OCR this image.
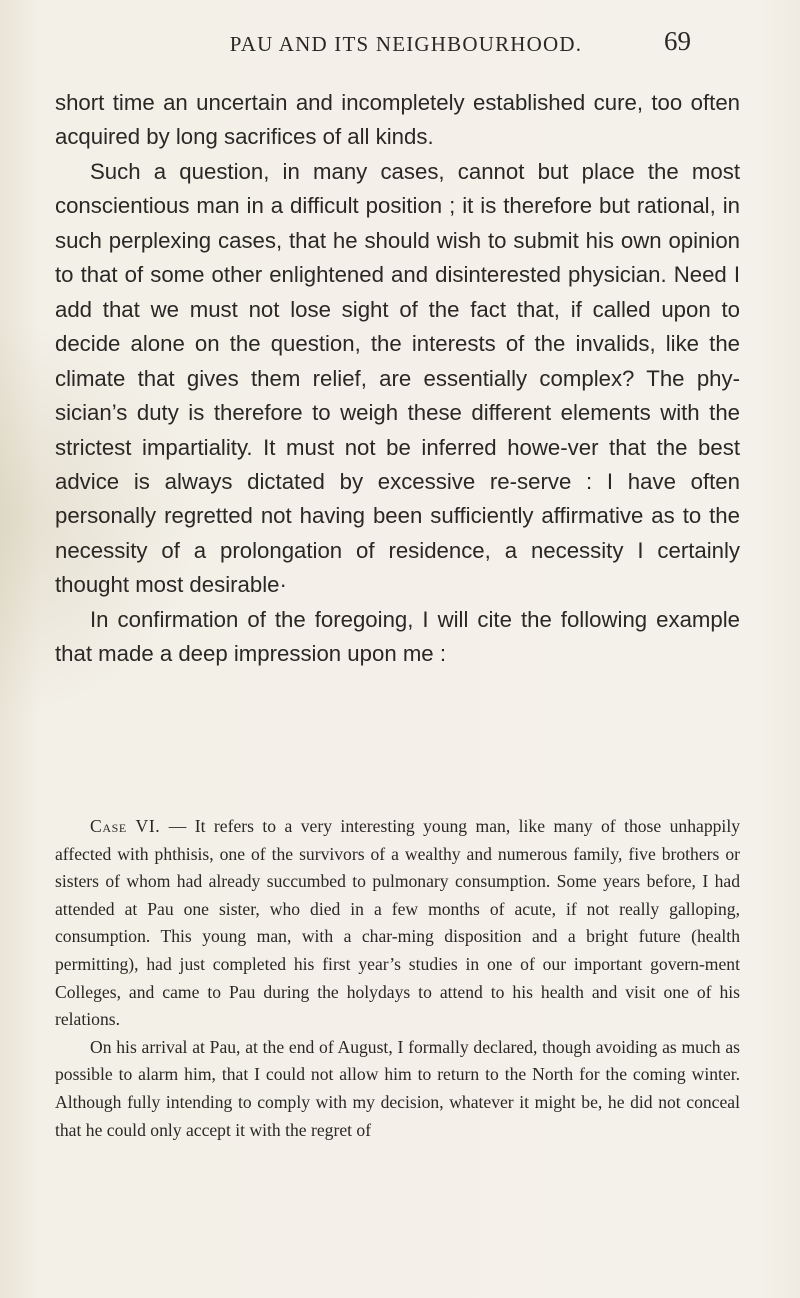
PAU AND ITS NEIGHBOURHOOD.	69

short time an uncertain and incompletely established cure, too often acquired by long sacrifices of all kinds.

Such a question, in many cases, cannot but place the most conscientious man in a difficult position ; it is therefore but rational, in such perplexing cases, that he should wish to submit his own opinion to that of some other enlightened and disinterested physician. Need I add that we must not lose sight of the fact that, if called upon to decide alone on the question, the interests of the invalids, like the climate that gives them relief, are essentially complex? The phy-sician’s duty is therefore to weigh these different elements with the strictest impartiality. It must not be inferred howe-ver that the best advice is always dictated by excessive re-serve : I have often personally regretted not having been sufficiently affirmative as to the necessity of a prolongation of residence, a necessity I certainly thought most desirable·

In confirmation of the foregoing, I will cite the following example that made a deep impression upon me :

Case VI. — It refers to a very interesting young man, like many of those unhappily affected with phthisis, one of the survivors of a wealthy and numerous family, five brothers or sisters of whom had already succumbed to pulmonary consumption. Some years before, I had attended at Pau one sister, who died in a few months of acute, if not really galloping, consumption. This young man, with a char-ming disposition and a bright future (health permitting), had just completed his first year’s studies in one of our important govern-ment Colleges, and came to Pau during the holydays to attend to his health and visit one of his relations.

On his arrival at Pau, at the end of August, I formally declared, though avoiding as much as possible to alarm him, that I could not allow him to return to the North for the coming winter. Although fully intending to comply with my decision, whatever it might be, he did not conceal that he could only accept it with the regret of
